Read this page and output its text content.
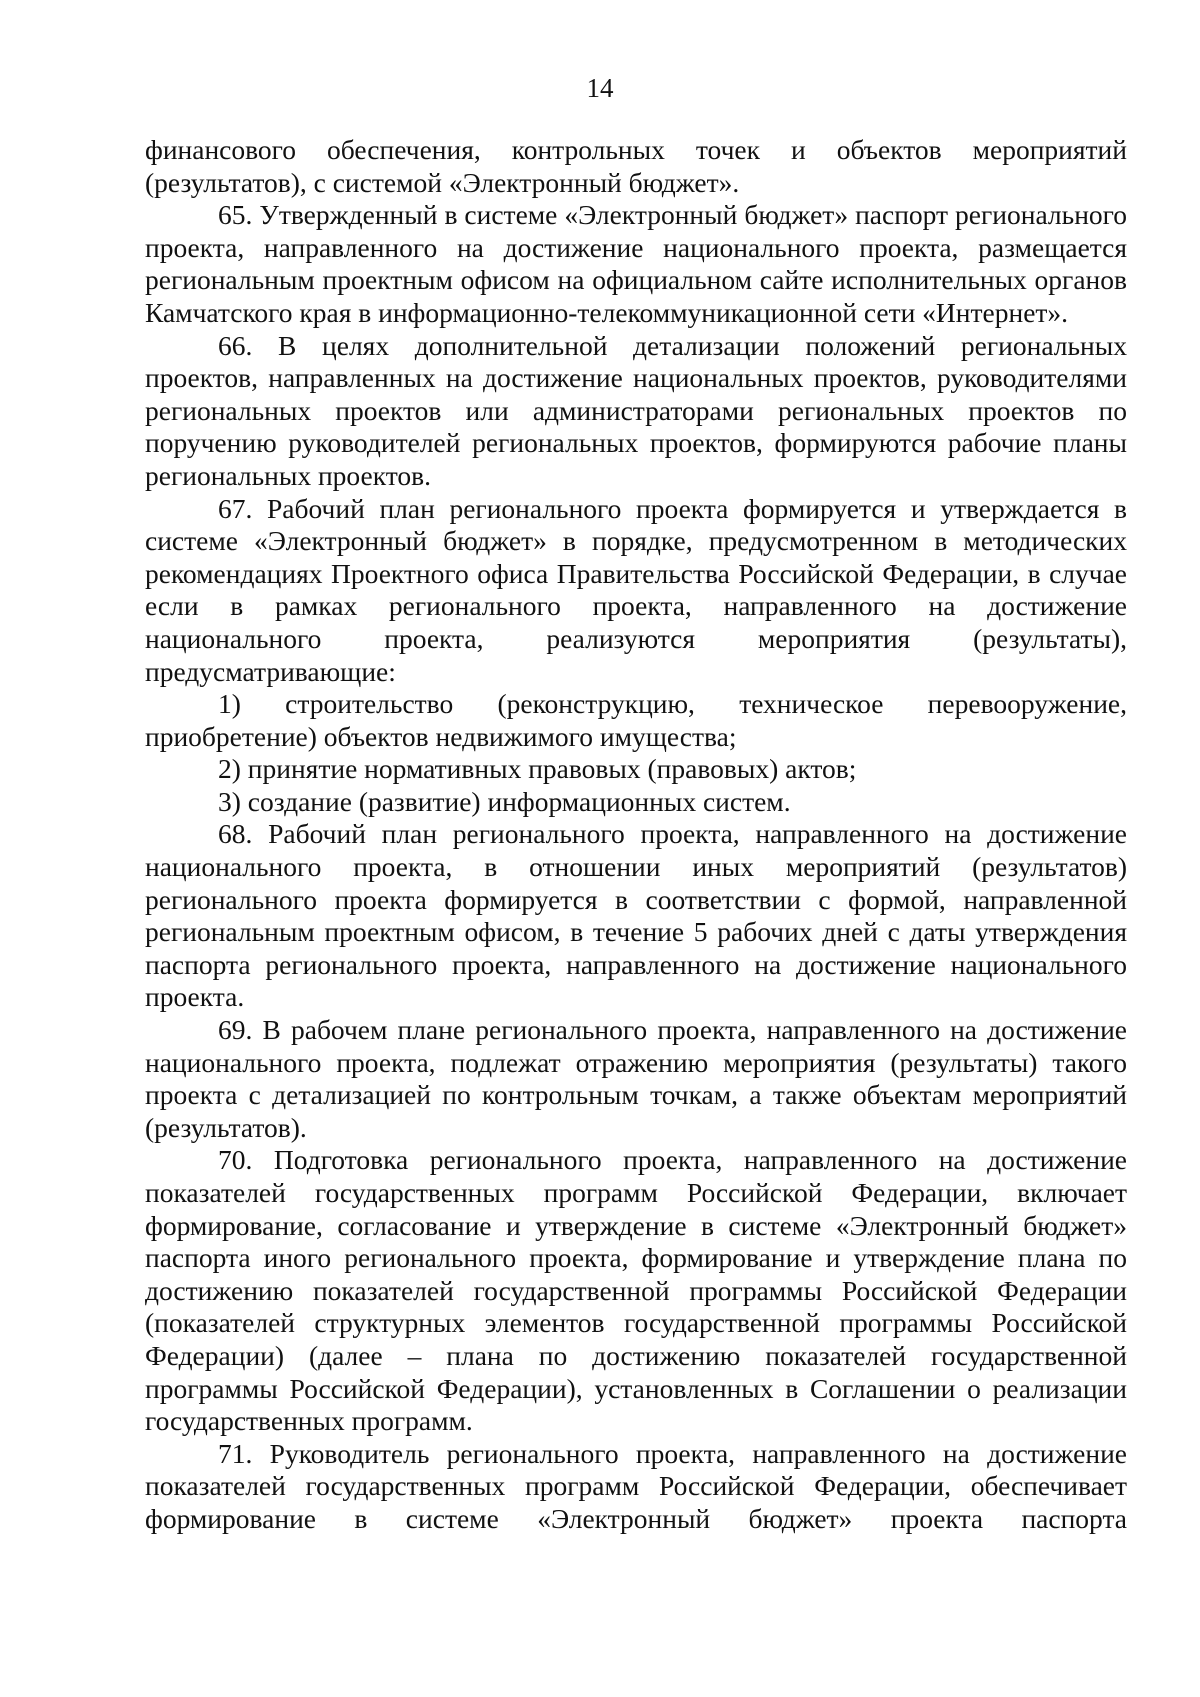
14

финансового обеспечения, контрольных точек и объектов мероприятий (результатов), с системой «Электронный бюджет».

65. Утвержденный в системе «Электронный бюджет» паспорт регионального проекта, направленного на достижение национального проекта, размещается региональным проектным офисом на официальном сайте исполнительных органов Камчатского края в информационно-телекоммуникационной сети «Интернет».

66. В целях дополнительной детализации положений региональных проектов, направленных на достижение национальных проектов, руководителями региональных проектов или администраторами региональных проектов по поручению руководителей региональных проектов, формируются рабочие планы региональных проектов.

67. Рабочий план регионального проекта формируется и утверждается в системе «Электронный бюджет» в порядке, предусмотренном в методических рекомендациях Проектного офиса Правительства Российской Федерации, в случае если в рамках регионального проекта, направленного на достижение национального проекта, реализуются мероприятия (результаты), предусматривающие:

1) строительство (реконструкцию, техническое перевооружение, приобретение) объектов недвижимого имущества;

2) принятие нормативных правовых (правовых) актов;

3) создание (развитие) информационных систем.

68. Рабочий план регионального проекта, направленного на достижение национального проекта, в отношении иных мероприятий (результатов) регионального проекта формируется в соответствии с формой, направленной региональным проектным офисом, в течение 5 рабочих дней с даты утверждения паспорта регионального проекта, направленного на достижение национального проекта.

69. В рабочем плане регионального проекта, направленного на достижение национального проекта, подлежат отражению мероприятия (результаты) такого проекта с детализацией по контрольным точкам, а также объектам мероприятий (результатов).

70. Подготовка регионального проекта, направленного на достижение показателей государственных программ Российской Федерации, включает формирование, согласование и утверждение в системе «Электронный бюджет» паспорта иного регионального проекта, формирование и утверждение плана по достижению показателей государственной программы Российской Федерации (показателей структурных элементов государственной программы Российской Федерации) (далее – плана по достижению показателей государственной программы Российской Федерации), установленных в Соглашении о реализации государственных программ.

71. Руководитель регионального проекта, направленного на достижение показателей государственных программ Российской Федерации, обеспечивает формирование в системе «Электронный бюджет» проекта паспорта
